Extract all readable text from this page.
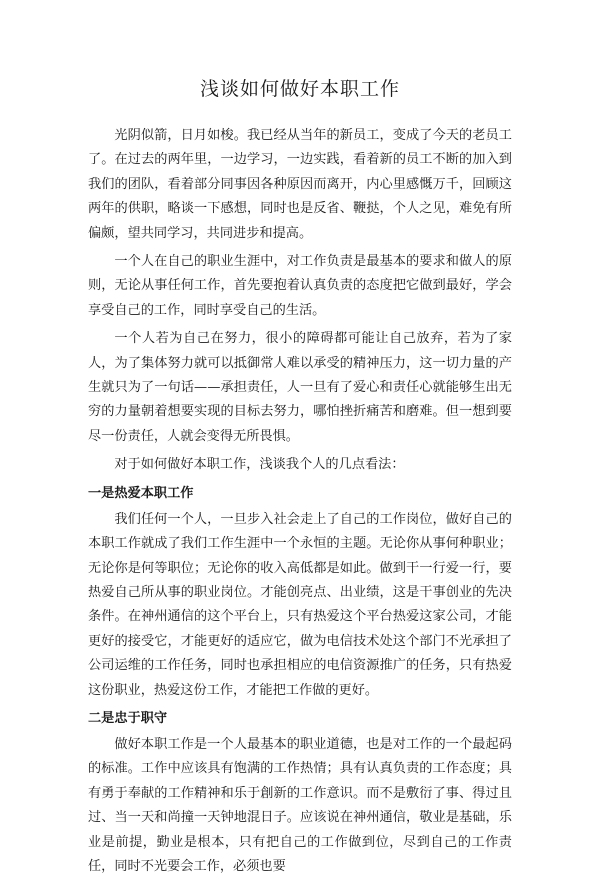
浅谈如何做好本职工作

光阴似箭，日月如梭。我已经从当年的新员工，变成了今天的老员工了。在过去的两年里，一边学习，一边实践，看着新的员工不断的加入到我们的团队，看着部分同事因各种原因而离开，内心里感慨万千，回顾这两年的供职，略谈一下感想，同时也是反省、鞭挞，个人之见，难免有所偏颇，望共同学习，共同进步和提高。

一个人在自己的职业生涯中，对工作负责是最基本的要求和做人的原则，无论从事任何工作，首先要抱着认真负责的态度把它做到最好，学会享受自己的工作，同时享受自己的生活。

一个人若为自己在努力，很小的障碍都可能让自己放弃，若为了家人，为了集体努力就可以抵御常人难以承受的精神压力，这一切力量的产生就只为了一句话——承担责任，人一旦有了爱心和责任心就能够生出无穷的力量朝着想要实现的目标去努力，哪怕挫折痛苦和磨难。但一想到要尽一份责任，人就会变得无所畏惧。

对于如何做好本职工作，浅谈我个人的几点看法：

一是热爱本职工作

我们任何一个人，一旦步入社会走上了自己的工作岗位，做好自己的本职工作就成了我们工作生涯中一个永恒的主题。无论你从事何种职业；无论你是何等职位；无论你的收入高低都是如此。做到干一行爱一行，要热爱自己所从事的职业岗位。才能创亮点、出业绩，这是干事创业的先决条件。在神州通信的这个平台上，只有热爱这个平台热爱这家公司，才能更好的接受它，才能更好的适应它，做为电信技术处这个部门不光承担了公司运维的工作任务，同时也承担相应的电信资源推广的任务，只有热爱这份职业，热爱这份工作，才能把工作做的更好。

二是忠于职守

做好本职工作是一个人最基本的职业道德，也是对工作的一个最起码的标准。工作中应该具有饱满的工作热情；具有认真负责的工作态度；具有勇于奉献的工作精神和乐于創新的工作意识。而不是敷衍了事、得过且过、当一天和尚撞一天钟地混日子。应该说在神州通信，敬业是基础，乐业是前提，勤业是根本，只有把自己的工作做到位，尽到自己的工作责任，同时不光要会工作，必须也要
